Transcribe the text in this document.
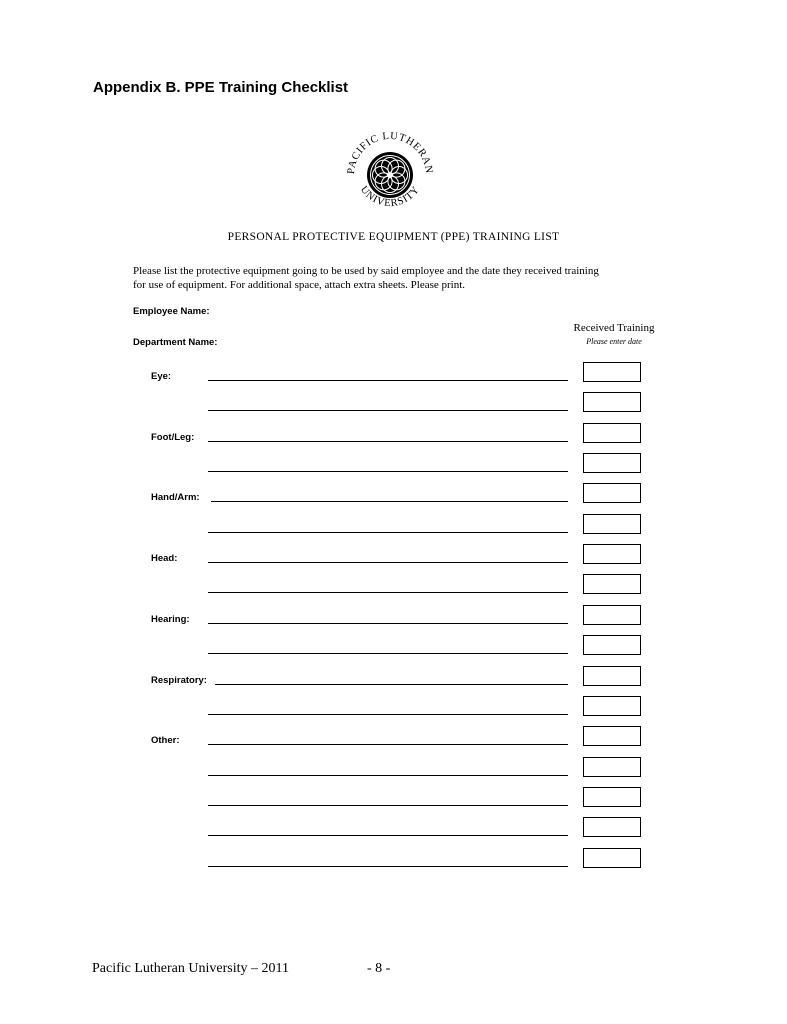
Appendix B. PPE Training Checklist
PACIFIC LUTHERAN
UNIVERSITY
PERSONAL PROTECTIVE EQUIPMENT (PPE) TRAINING LIST
Please list the protective equipment going to be used by said employee and the date they received training
for use of equipment. For additional space, attach extra sheets. Please print.
Employee Name:
Department Name:
Received Training
Please enter date
Eye:
Foot/Leg:
Hand/Arm:
Head:
Hearing:
Respiratory:
Other:
Pacific Lutheran University – 2011	- 8 -
